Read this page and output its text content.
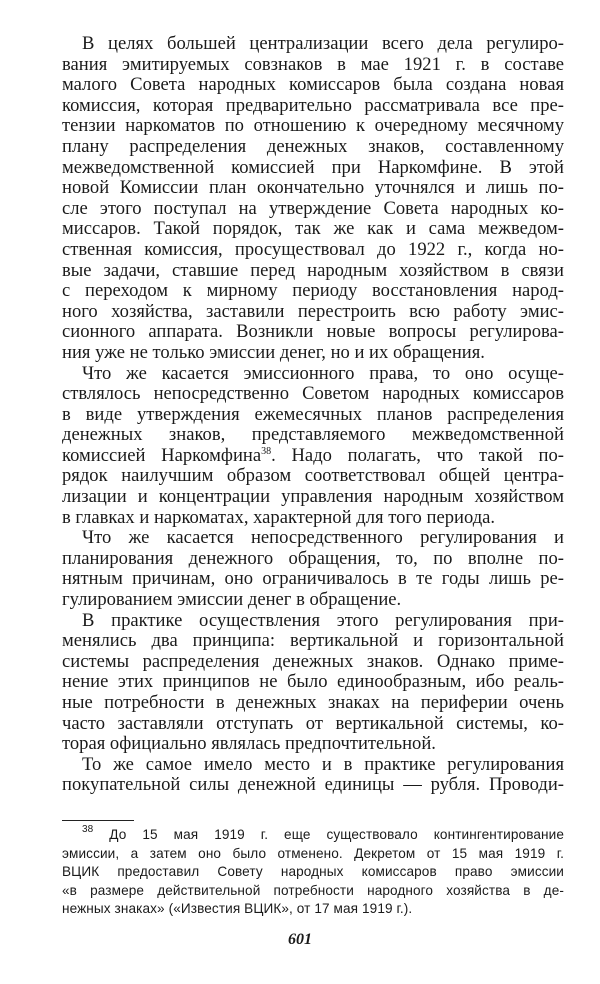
В целях большей централизации всего дела регулиро-
вания эмитируемых совзнаков в мае 1921 г. в составе
малого Совета народных комиссаров была создана новая
комиссия, которая предварительно рассматривала все пре-
тензии наркоматов по отношению к очередному месячному
плану распределения денежных знаков, составленному
межведомственной комиссией при Наркомфине. В этой
новой Комиссии план окончательно уточнялся и лишь по-
сле этого поступал на утверждение Совета народных ко-
миссаров. Такой порядок, так же как и сама межведом-
ственная комиссия, просуществовал до 1922 г., когда но-
вые задачи, ставшие перед народным хозяйством в связи
с переходом к мирному периоду восстановления народ-
ного хозяйства, заставили перестроить всю работу эмис-
сионного аппарата. Возникли новые вопросы регулирова-
ния уже не только эмиссии денег, но и их обращения.
Что же касается эмиссионного права, то оно осуще-
ствлялось непосредственно Советом народных комиссаров
в виде утверждения ежемесячных планов распределения
денежных знаков, представляемого межведомственной
комиссией Наркомфина$^{38}$. Надо полагать, что такой по-
рядок наилучшим образом соответствовал общей центра-
лизации и концентрации управления народным хозяйством
в главках и наркоматах, характерной для того периода.
Что же касается непосредственного регулирования и
планирования денежного обращения, то, по вполне по-
нятным причинам, оно ограничивалось в те годы лишь ре-
гулированием эмиссии денег в обращение.
В практике осуществления этого регулирования при-
менялись два принципа: вертикальной и горизонтальной
системы распределения денежных знаков. Однако приме-
нение этих принципов не было единообразным, ибо реаль-
ные потребности в денежных знаках на периферии очень
часто заставляли отступать от вертикальной системы, ко-
торая официально являлась предпочтительной.
То же самое имело место и в практике регулирования
покупательной силы денежной единицы — рубля. Проводи-
$^{38}$ До 15 мая 1919 г. еще существовало контингентирование
эмиссии, а затем оно было отменено. Декретом от 15 мая 1919 г.
ВЦИК предоставил Совету народных комиссаров право эмиссии
«в размере действительной потребности народного хозяйства в де-
нежных знаках» («Известия ВЦИК», от 17 мая 1919 г.).
601
